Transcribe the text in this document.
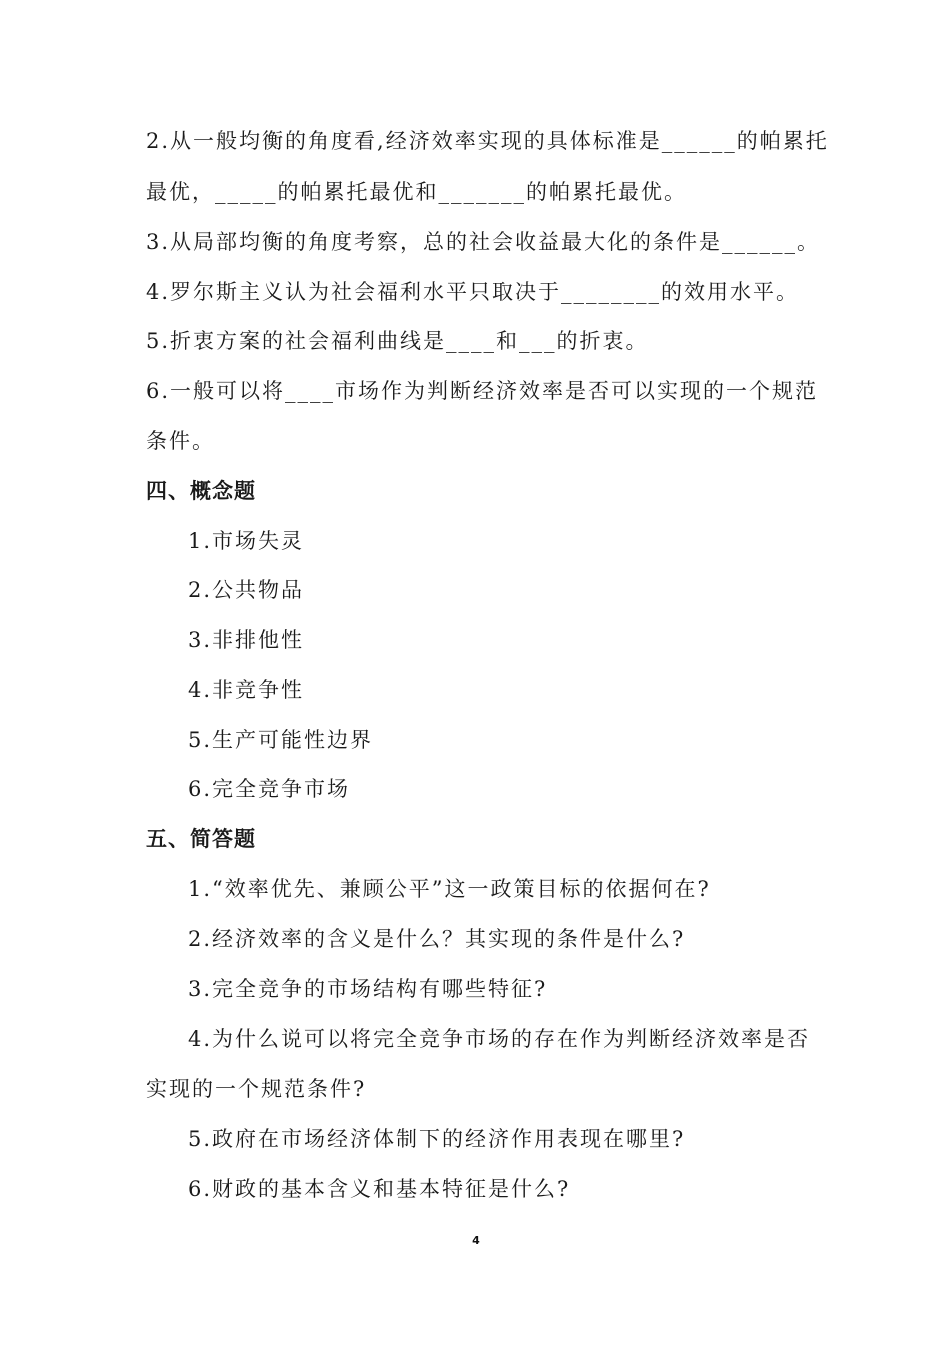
2.从一般均衡的角度看,经济效率实现的具体标准是______的帕累托
最优，_____的帕累托最优和_______的帕累托最优。
3.从局部均衡的角度考察，总的社会收益最大化的条件是______。
4.罗尔斯主义认为社会福利水平只取决于________的效用水平。
5.折衷方案的社会福利曲线是____和___的折衷。
6.一般可以将____市场作为判断经济效率是否可以实现的一个规范
条件。
四、概念题
1.市场失灵
2.公共物品
3.非排他性
4.非竞争性
5.生产可能性边界
6.完全竞争市场
五、简答题
1.“效率优先、兼顾公平”这一政策目标的依据何在?
2.经济效率的含义是什么？其实现的条件是什么?
3.完全竞争的市场结构有哪些特征?
4.为什么说可以将完全竞争市场的存在作为判断经济效率是否
实现的一个规范条件?
5.政府在市场经济体制下的经济作用表现在哪里?
6.财政的基本含义和基本特征是什么?
4
